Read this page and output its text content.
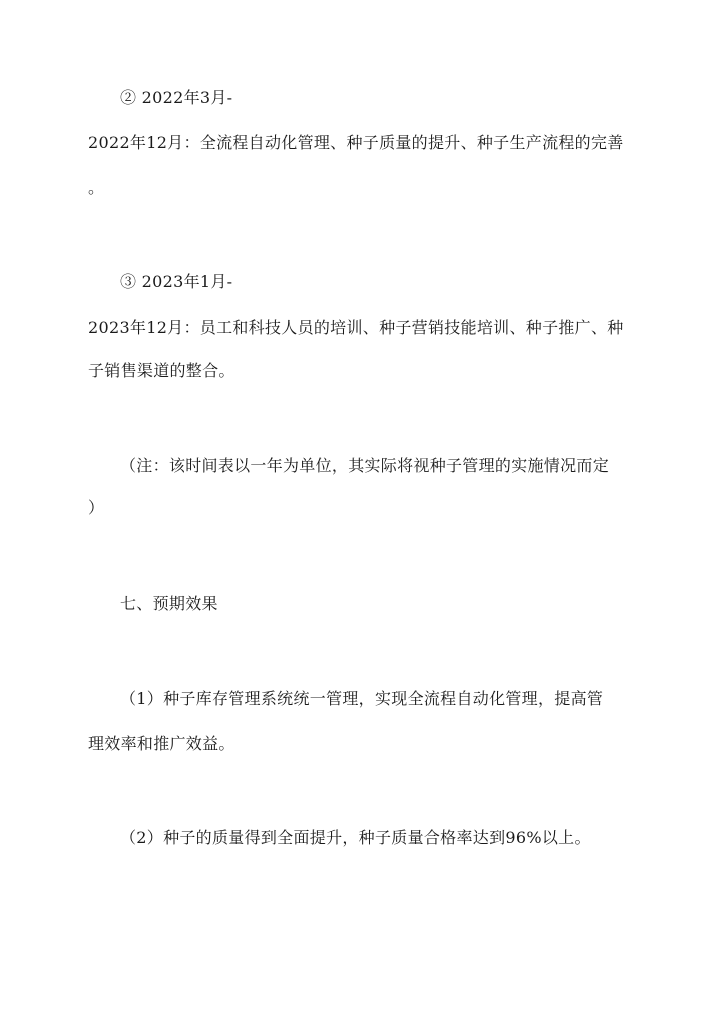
② 2022年3月-
2022年12月：全流程自动化管理、种子质量的提升、种子生产流程的完善
。
③ 2023年1月-
2023年12月：员工和科技人员的培训、种子营销技能培训、种子推广、种
子销售渠道的整合。
（注：该时间表以一年为单位，其实际将视种子管理的实施情况而定
）
七、预期效果
（1）种子库存管理系统统一管理，实现全流程自动化管理，提高管
理效率和推广效益。
（2）种子的质量得到全面提升，种子质量合格率达到96%以上。
